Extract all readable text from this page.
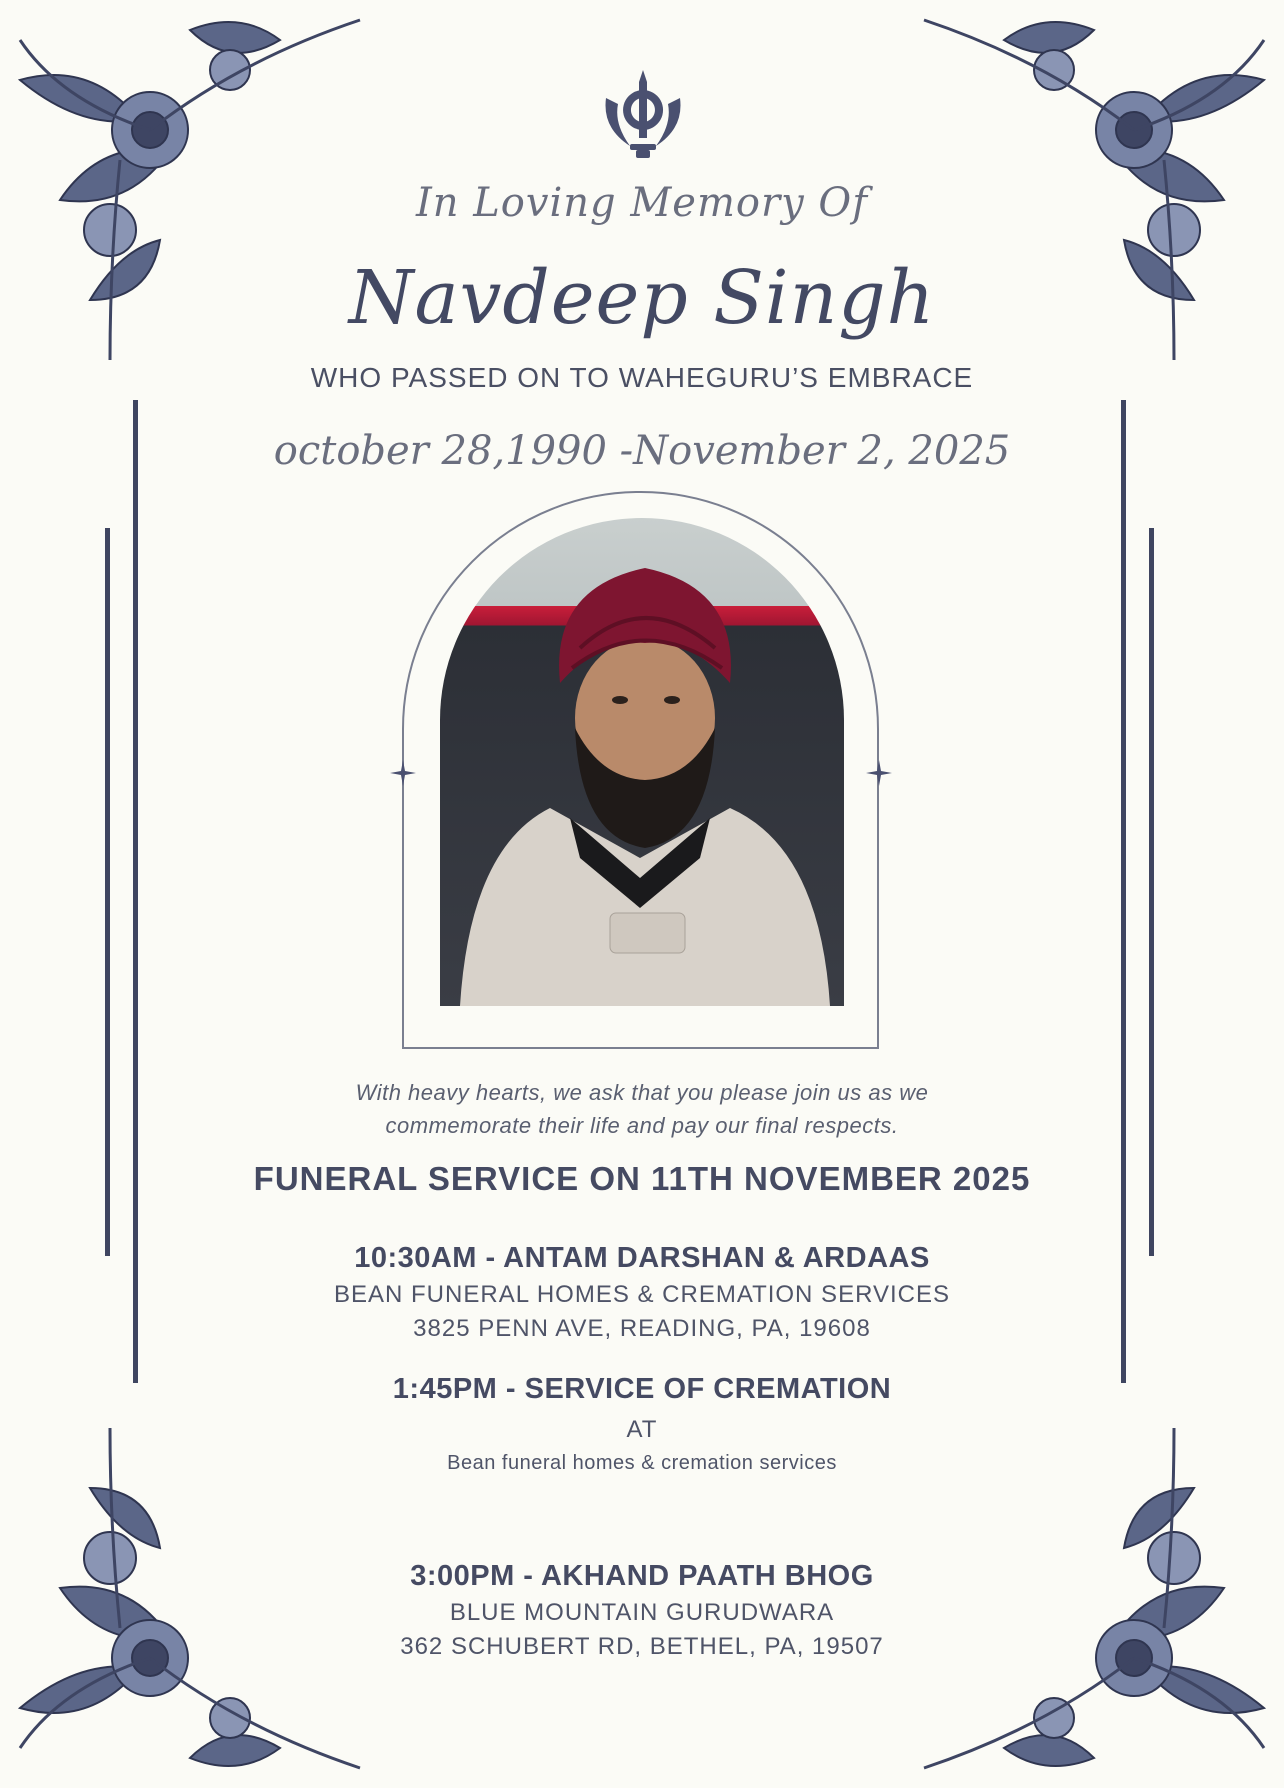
In Loving Memory Of
Navdeep Singh
WHO PASSED ON TO WAHEGURU’S EMBRACE
october 28,1990 -November 2, 2025
With heavy hearts, we ask that you please join us as we
commemorate their life and pay our final respects.
FUNERAL SERVICE ON 11TH NOVEMBER 2025
10:30AM - ANTAM DARSHAN & ARDAAS
BEAN FUNERAL HOMES & CREMATION SERVICES
3825 PENN AVE, READING, PA, 19608
1:45PM - SERVICE OF CREMATION
AT
Bean funeral homes & cremation services
3:00PM - AKHAND PAATH BHOG
BLUE MOUNTAIN GURUDWARA
362 SCHUBERT RD, BETHEL, PA, 19507
